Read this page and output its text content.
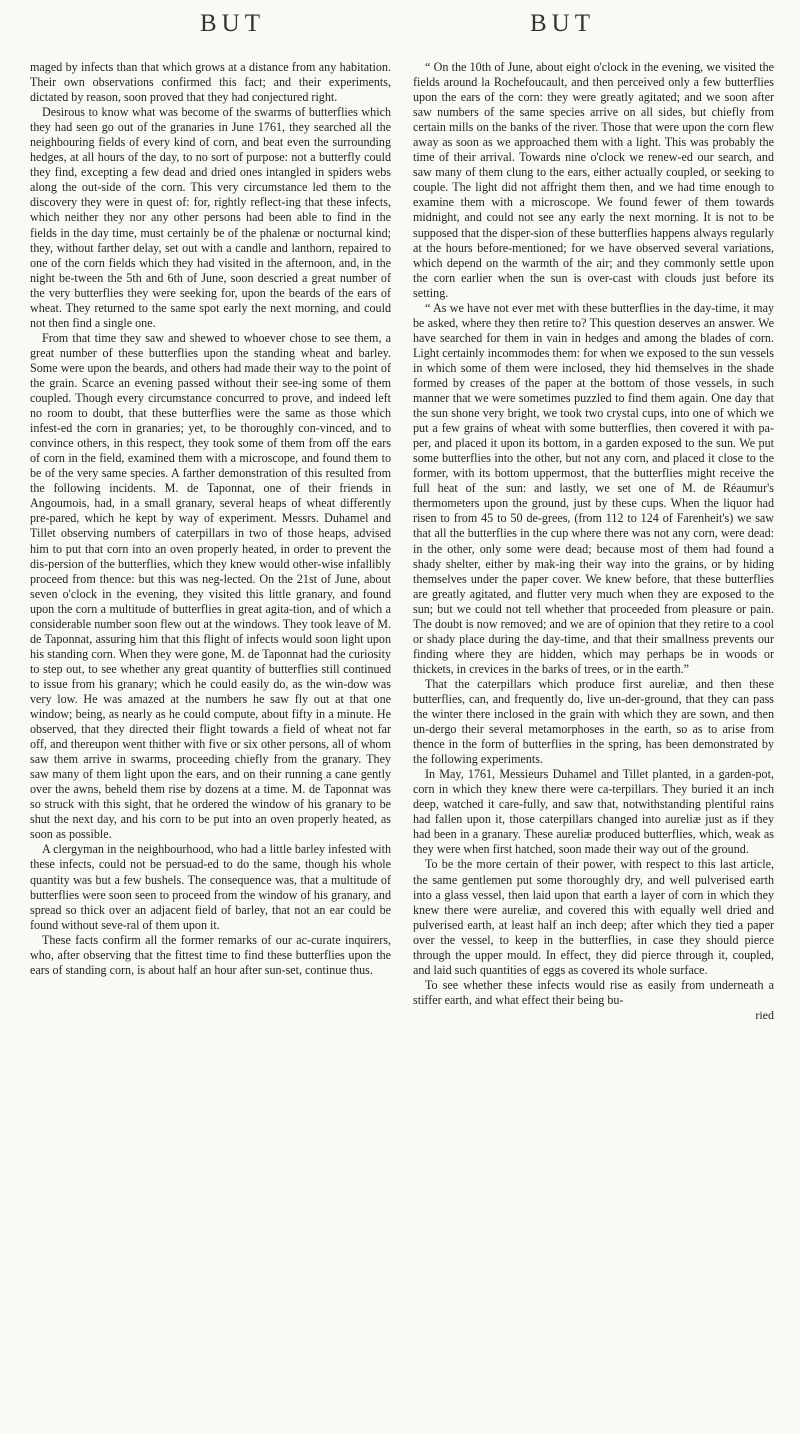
BUT	BUT

maged by infects than that which grows at a distance from any habitation. Their own observations confirmed this fact; and their experiments, dictated by reason, soon proved that they had conjectured right.

Desirous to know what was become of the swarms of butterflies which they had seen go out of the granaries in June 1761, they searched all the neighbouring fields of every kind of corn, and beat even the surrounding hedges, at all hours of the day, to no sort of purpose: not a butterfly could they find, excepting a few dead and dried ones intangled in spiders webs along the out-side of the corn. This very circumstance led them to the discovery they were in quest of: for, rightly reflect-ing that these infects, which neither they nor any other persons had been able to find in the fields in the day time, must certainly be of the phalenæ or nocturnal kind; they, without farther delay, set out with a candle and lanthorn, repaired to one of the corn fields which they had visited in the afternoon, and, in the night be-tween the 5th and 6th of June, soon descried a great number of the very butterflies they were seeking for, upon the beards of the ears of wheat. They returned to the same spot early the next morning, and could not then find a single one.

From that time they saw and shewed to whoever chose to see them, a great number of these butterflies upon the standing wheat and barley. Some were upon the beards, and others had made their way to the point of the grain. Scarce an evening passed without their see-ing some of them coupled. Though every circumstance concurred to prove, and indeed left no room to doubt, that these butterflies were the same as those which infest-ed the corn in granaries; yet, to be thoroughly con-vinced, and to convince others, in this respect, they took some of them from off the ears of corn in the field, examined them with a microscope, and found them to be of the very same species. A farther demonstration of this resulted from the following incidents. M. de Taponnat, one of their friends in Angoumois, had, in a small granary, several heaps of wheat differently pre-pared, which he kept by way of experiment. Messrs. Duhamel and Tillet observing numbers of caterpillars in two of those heaps, advised him to put that corn into an oven properly heated, in order to prevent the dis-persion of the butterflies, which they knew would other-wise infallibly proceed from thence: but this was neg-lected. On the 21st of June, about seven o'clock in the evening, they visited this little granary, and found upon the corn a multitude of butterflies in great agita-tion, and of which a considerable number soon flew out at the windows. They took leave of M. de Taponnat, assuring him that this flight of infects would soon light upon his standing corn. When they were gone, M. de Taponnat had the curiosity to step out, to see whether any great quantity of butterflies still continued to issue from his granary; which he could easily do, as the win-dow was very low. He was amazed at the numbers he saw fly out at that one window; being, as nearly as he could compute, about fifty in a minute. He observed, that they directed their flight towards a field of wheat not far off, and thereupon went thither with five or six other persons, all of whom saw them arrive in swarms, proceeding chiefly from the granary. They saw many of them light upon the ears, and on their running a cane gently over the awns, beheld them rise by dozens at a time. M. de Taponnat was so struck with this sight, that he ordered the window of his granary to be shut the next day, and his corn to be put into an oven properly heated, as soon as possible.

A clergyman in the neighbourhood, who had a little barley infested with these infects, could not be persuad-ed to do the same, though his whole quantity was but a few bushels. The consequence was, that a multitude of butterflies were soon seen to proceed from the window of his granary, and spread so thick over an adjacent field of barley, that not an ear could be found without seve-ral of them upon it.

These facts confirm all the former remarks of our ac-curate inquirers, who, after observing that the fittest time to find these butterflies upon the ears of standing corn, is about half an hour after sun-set, continue thus.

“ On the 10th of June, about eight o'clock in the evening, we visited the fields around la Rochefoucault, and then perceived only a few butterflies upon the ears of the corn: they were greatly agitated; and we soon after saw numbers of the same species arrive on all sides, but chiefly from certain mills on the banks of the river. Those that were upon the corn flew away as soon as we approached them with a light. This was probably the time of their arrival. Towards nine o'clock we renew-ed our search, and saw many of them clung to the ears, either actually coupled, or seeking to couple. The light did not affright them then, and we had time enough to examine them with a microscope. We found fewer of them towards midnight, and could not see any early the next morning. It is not to be supposed that the disper-sion of these butterflies happens always regularly at the hours before-mentioned; for we have observed several variations, which depend on the warmth of the air; and they commonly settle upon the corn earlier when the sun is over-cast with clouds just before its setting.

“ As we have not ever met with these butterflies in the day-time, it may be asked, where they then retire to? This question deserves an answer. We have searched for them in vain in hedges and among the blades of corn. Light certainly incommodes them: for when we exposed to the sun vessels in which some of them were inclosed, they hid themselves in the shade formed by creases of the paper at the bottom of those vessels, in such manner that we were sometimes puzzled to find them again. One day that the sun shone very bright, we took two crystal cups, into one of which we put a few grains of wheat with some butterflies, then covered it with pa-per, and placed it upon its bottom, in a garden exposed to the sun. We put some butterflies into the other, but not any corn, and placed it close to the former, with its bottom uppermost, that the butterflies might receive the full heat of the sun: and lastly, we set one of M. de Réaumur's thermometers upon the ground, just by these cups. When the liquor had risen to from 45 to 50 de-grees, (from 112 to 124 of Farenheit's) we saw that all the butterflies in the cup where there was not any corn, were dead: in the other, only some were dead; because most of them had found a shady shelter, either by mak-ing their way into the grains, or by hiding themselves under the paper cover. We knew before, that these butterflies are greatly agitated, and flutter very much when they are exposed to the sun; but we could not tell whether that proceeded from pleasure or pain. The doubt is now removed; and we are of opinion that they retire to a cool or shady place during the day-time, and that their smallness prevents our finding where they are hidden, which may perhaps be in woods or thickets, in crevices in the barks of trees, or in the earth.”

That the caterpillars which produce first aureliæ, and then these butterflies, can, and frequently do, live un-der-ground, that they can pass the winter there inclosed in the grain with which they are sown, and then un-dergo their several metamorphoses in the earth, so as to arise from thence in the form of butterflies in the spring, has been demonstrated by the following experiments.

In May, 1761, Messieurs Duhamel and Tillet planted, in a garden-pot, corn in which they knew there were ca-terpillars. They buried it an inch deep, watched it care-fully, and saw that, notwithstanding plentiful rains had fallen upon it, those caterpillars changed into aureliæ just as if they had been in a granary. These aureliæ produced butterflies, which, weak as they were when first hatched, soon made their way out of the ground.

To be the more certain of their power, with respect to this last article, the same gentlemen put some thoroughly dry, and well pulverised earth into a glass vessel, then laid upon that earth a layer of corn in which they knew there were aureliæ, and covered this with equally well dried and pulverised earth, at least half an inch deep; after which they tied a paper over the vessel, to keep in the butterflies, in case they should pierce through the upper mould. In effect, they did pierce through it, coupled, and laid such quantities of eggs as covered its whole surface.

To see whether these infects would rise as easily from underneath a stiffer earth, and what effect their being bu-

ried
